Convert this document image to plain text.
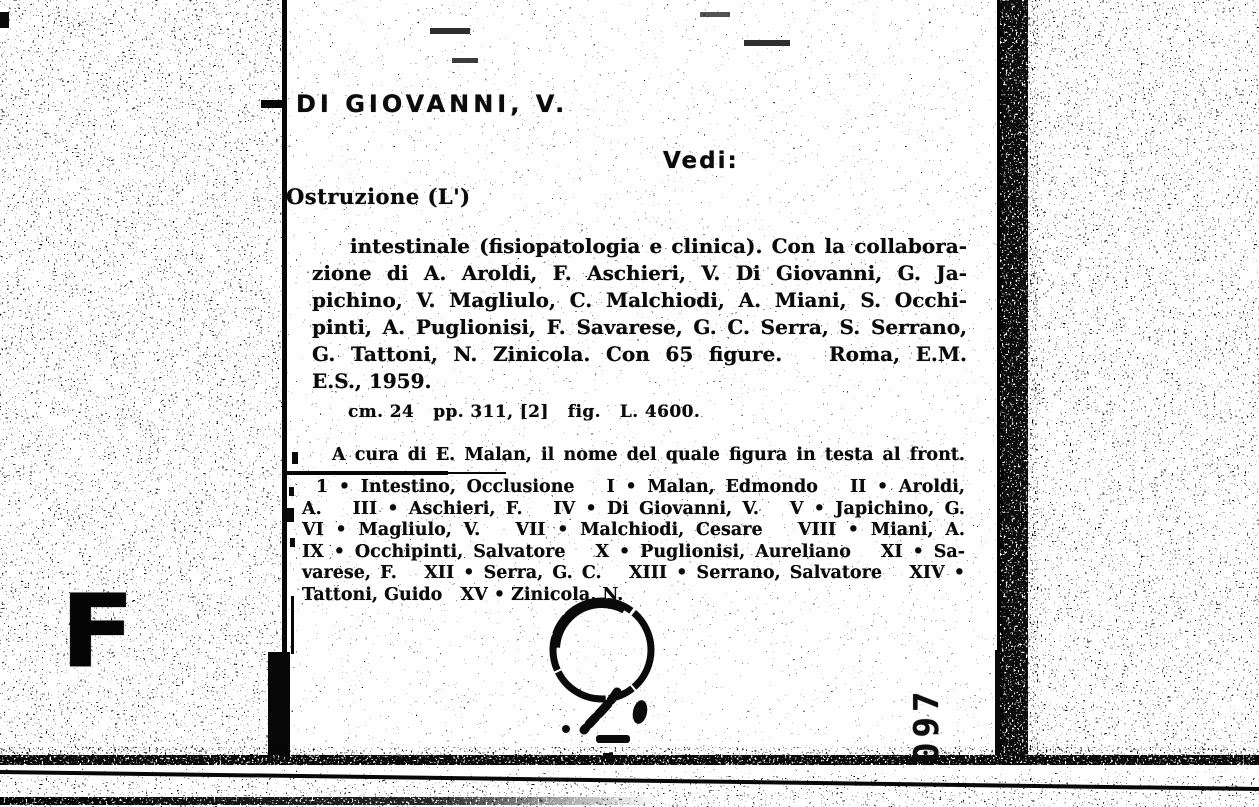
DI GIOVANNI, V.
Vedi:
Ostruzione (L')
intestinale (fisiopatologia e clinica). Con la collabora-
zione di A. Aroldi, F. Aschieri, V. Di Giovanni, G. Ja-
pichino, V. Magliulo, C. Malchiodi, A. Miani, S. Occhi-
pinti, A. Puglionisi, F. Savarese, G. C. Serra, S. Serrano,
G. Tattoni, N. Zinicola. Con 65 figure.   Roma, E.M.
E.S., 1959.
cm. 24   pp. 311, [2]   fig.   L. 4600.
A cura di E. Malan, il nome del quale figura in testa al front.
1 • Intestino, Occlusione   I • Malan, Edmondo   II • Aroldi,
A.   III • Aschieri, F.   IV • Di Giovanni, V.   V • Japichino, G.
VI • Magliulo, V.   VII • Malchiodi, Cesare   VIII • Miani, A.
IX • Occhipinti, Salvatore   X • Puglionisi, Aureliano   XI • Sa-
varese, F.   XII • Serra, G. C.   XIII • Serrano, Salvatore   XIV •
Tattoni, Guido   XV • Zinicola, N.
F
097
